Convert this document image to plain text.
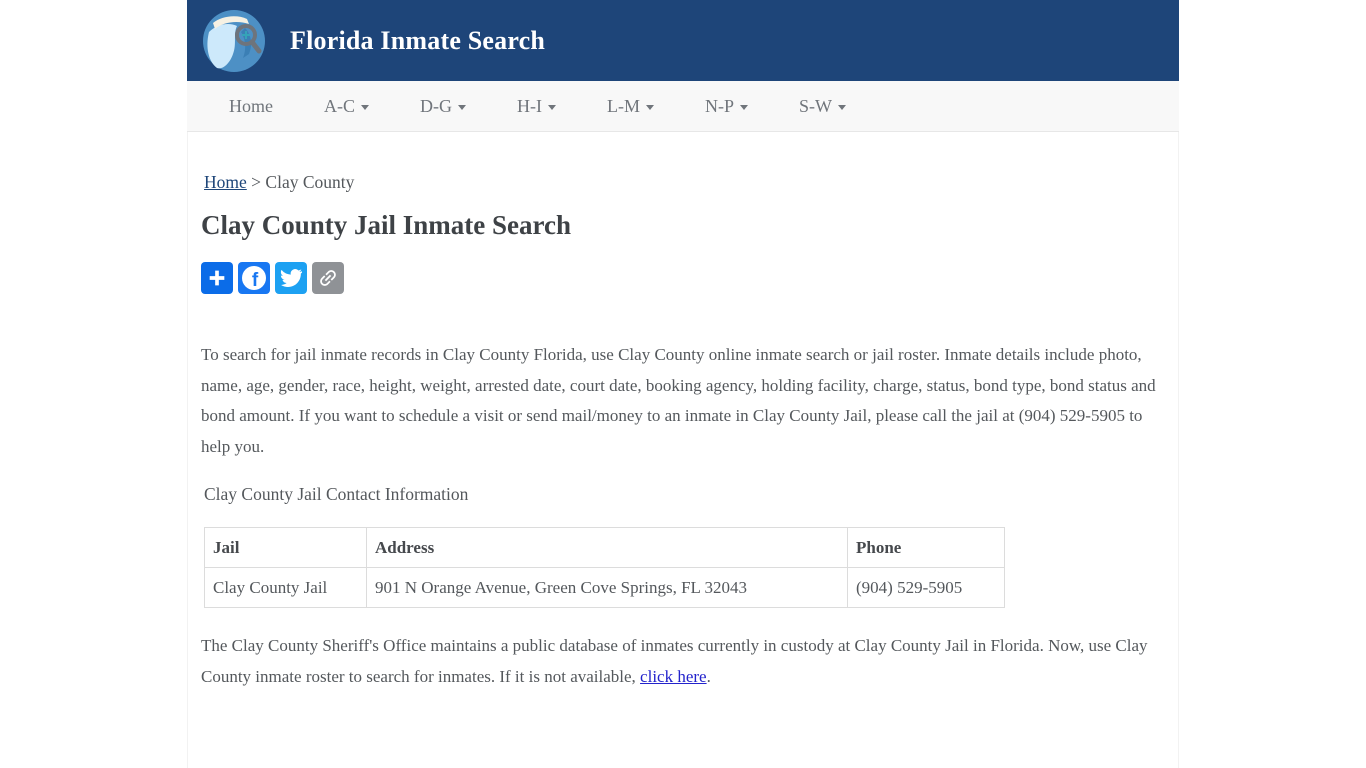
Florida Inmate Search
Home	A-C	D-G	H-I	L-M	N-P	S-W
Home > Clay County
Clay County Jail Inmate Search
f

To search for jail inmate records in Clay County Florida, use Clay County online inmate search or jail roster. Inmate details include photo, name, age, gender, race, height, weight, arrested date, court date, booking agency, holding facility, charge, status, bond type, bond status and bond amount. If you want to schedule a visit or send mail/money to an inmate in Clay County Jail, please call the jail at (904) 529-5905 to help you.

Clay County Jail Contact Information
Jail	Address	Phone
Clay County Jail	901 N Orange Avenue, Green Cove Springs, FL 32043	(904) 529-5905

The Clay County Sheriff's Office maintains a public database of inmates currently in custody at Clay County Jail in Florida. Now, use Clay County inmate roster to search for inmates. If it is not available, click here.
